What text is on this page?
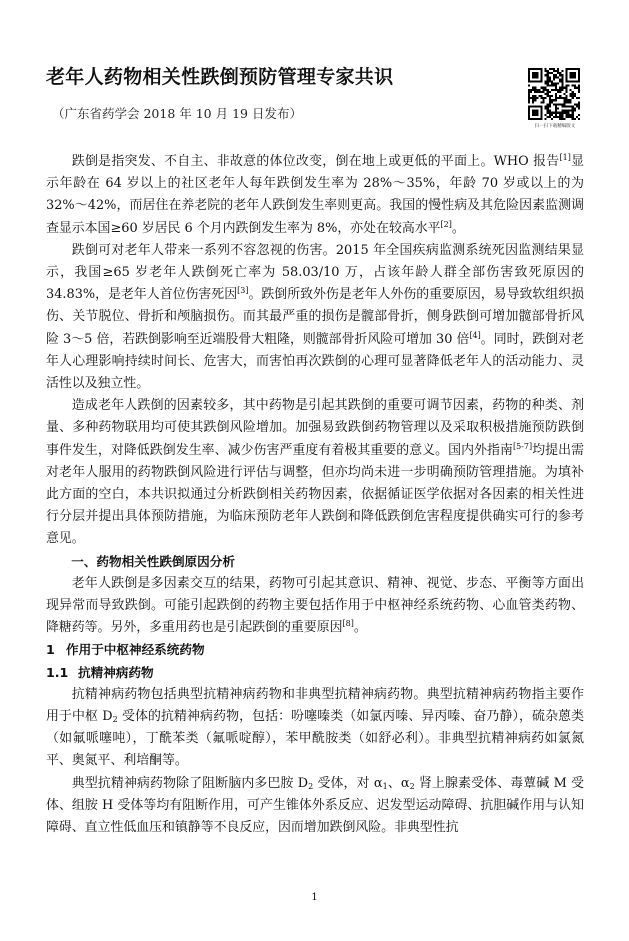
老年人药物相关性跌倒预防管理专家共识

（广东省药学会 2018 年 10 月 19 日发布）

扫一扫下载精编版文

跌倒是指突发、不自主、非故意的体位改变，倒在地上或更低的平面上。WHO 报告[1]显示年龄在 64 岁以上的社区老年人每年跌倒发生率为 28%～35%，年龄 70 岁或以上的为 32%～42%，而居住在养老院的老年人跌倒发生率则更高。我国的慢性病及其危险因素监测调查显示本国≥60 岁居民 6 个月内跌倒发生率为 8%，亦处在较高水平[2]。

跌倒可对老年人带来一系列不容忽视的伤害。2015 年全国疾病监测系统死因监测结果显示，我国≥65 岁老年人跌倒死亡率为 58.03/10 万，占该年龄人群全部伤害致死原因的 34.83%，是老年人首位伤害死因[3]。跌倒所致外伤是老年人外伤的重要原因，易导致软组织损伤、关节脱位、骨折和颅脑损伤。而其最严重的损伤是髋部骨折，侧身跌倒可增加髋部骨折风险 3～5 倍，若跌倒影响至近端股骨大粗隆，则髋部骨折风险可增加 30 倍[4]。同时，跌倒对老年人心理影响持续时间长、危害大，而害怕再次跌倒的心理可显著降低老年人的活动能力、灵活性以及独立性。

造成老年人跌倒的因素较多，其中药物是引起其跌倒的重要可调节因素，药物的种类、剂量、多种药物联用均可使其跌倒风险增加。加强易致跌倒药物管理以及采取积极措施预防跌倒事件发生，对降低跌倒发生率、减少伤害严重度有着极其重要的意义。国内外指南[5-7]均提出需对老年人服用的药物跌倒风险进行评估与调整，但亦均尚未进一步明确预防管理措施。为填补此方面的空白，本共识拟通过分析跌倒相关药物因素，依据循证医学依据对各因素的相关性进行分层并提出具体预防措施，为临床预防老年人跌倒和降低跌倒危害程度提供确实可行的参考意见。

一、药物相关性跌倒原因分析

老年人跌倒是多因素交互的结果，药物可引起其意识、精神、视觉、步态、平衡等方面出现异常而导致跌倒。可能引起跌倒的药物主要包括作用于中枢神经系统药物、心血管类药物、降糖药等。另外，多重用药也是引起跌倒的重要原因[8]。

1 作用于中枢神经系统药物

1.1 抗精神病药物

抗精神病药物包括典型抗精神病药物和非典型抗精神病药物。典型抗精神病药物指主要作用于中枢 $D_2$ 受体的抗精神病药物，包括：吩噻嗪类（如氯丙嗪、异丙嗪、奋乃静），硫杂蒽类（如氟哌噻吨），丁酰苯类（氟哌啶醇），苯甲酰胺类（如舒必利）。非典型抗精神病药如氯氮平、奥氮平、利培酮等。

典型抗精神病药物除了阻断脑内多巴胺 $D_2$ 受体，对 $\alpha_1$、$\alpha_2$ 肾上腺素受体、毒蕈碱 M 受体、组胺 H 受体等均有阻断作用，可产生锥体外系反应、迟发型运动障碍、抗胆碱作用与认知障碍、直立性低血压和镇静等不良反应，因而增加跌倒风险。非典型性抗

1
